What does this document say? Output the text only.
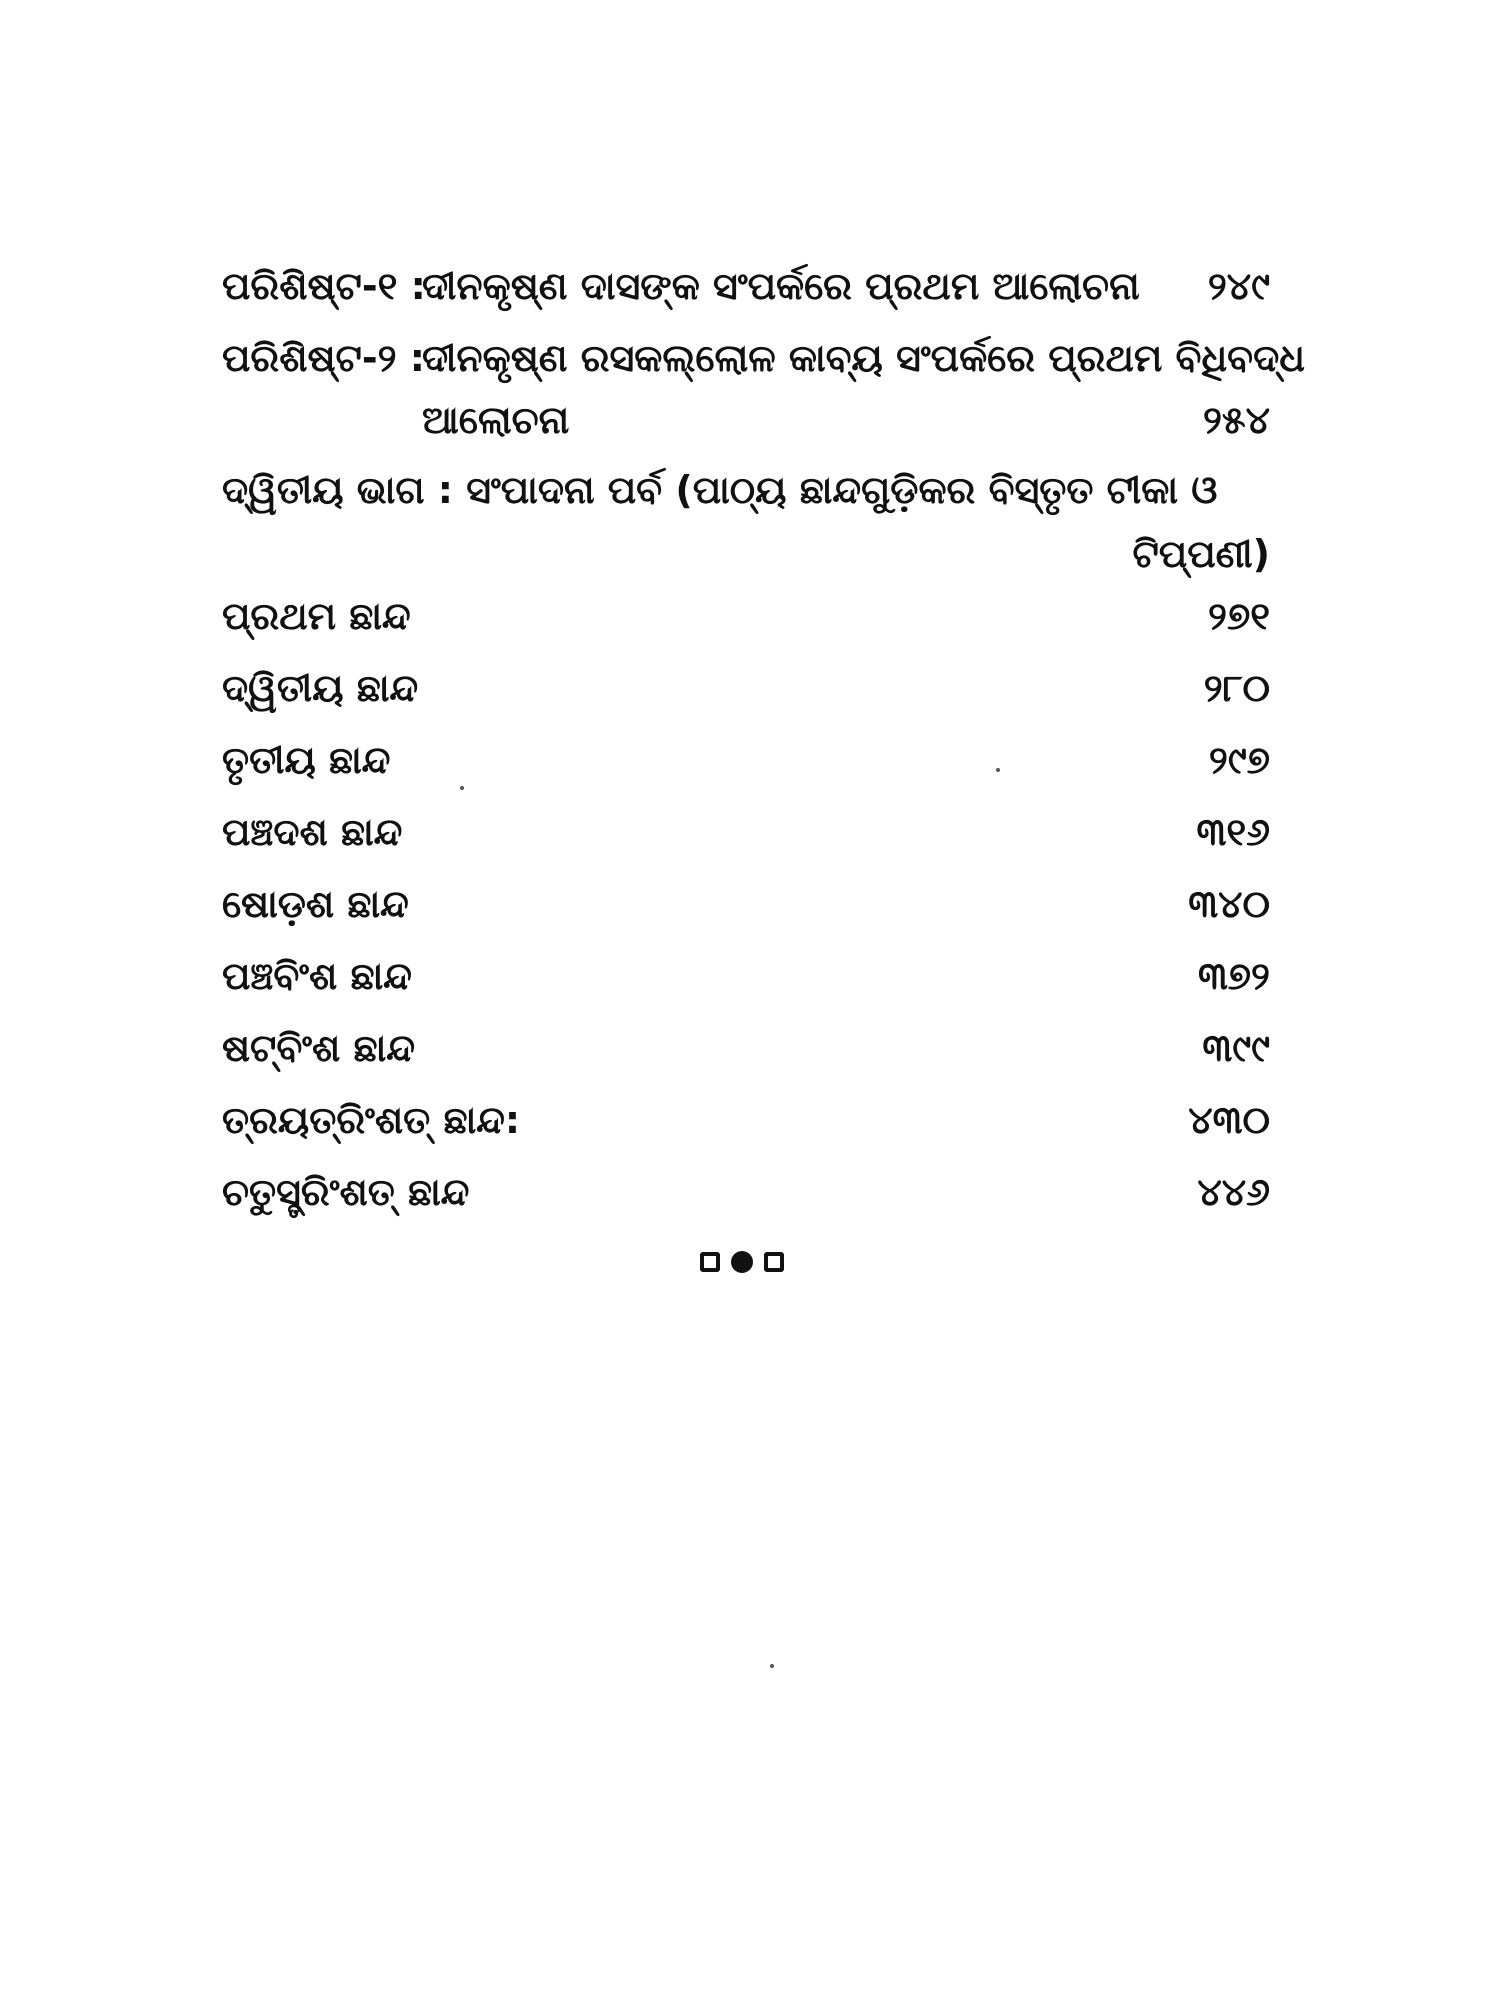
ପରିଶିଷ୍ଟ-୧ :
ଦୀନକୃଷ୍ଣ ଦାସଙ୍କ ସଂପର୍କରେ ପ୍ରଥମ ଆଲୋଚନା ୨୪୯
ପରିଶିଷ୍ଟ-୨ :
ଦୀନକୃଷ୍ଣ ରସକଲ୍ଲୋଳ କାବ୍ୟ ସଂପର୍କରେ ପ୍ରଥମ ବିଧିବଦ୍ଧ
ଆଲୋଚନା	୨୫୪
ଦ୍ୱିତୀୟ ଭାଗ : ସଂପାଦନା ପର୍ବ (ପାଠ୍ୟ ଛାନ୍ଦଗୁଡ଼ିକର ବିସ୍ତୃତ ଟୀକା ଓ
ଟିପ୍‌ପଣୀ)
ପ୍ରଥମ ଛାନ୍ଦ	୨୭୧
ଦ୍ୱିତୀୟ ଛାନ୍ଦ	୨୮୦
ତୃତୀୟ ଛାନ୍ଦ	୨୯୭
ପଞ୍ଚଦଶ ଛାନ୍ଦ	୩୧୬
ଷୋଡ଼ଶ ଛାନ୍ଦ	୩୪୦
ପଞ୍ଚବିଂଶ ଛାନ୍ଦ	୩୭୨
ଷଟ୍‌ବିଂଶ ଛାନ୍ଦ	୩୯୯
ତ୍ରୟତ୍ରିଂଶତ୍ ଛାନ୍ଦ:	୪୩୦
ଚତୁସ୍ତ୍ରିଂଶତ୍ ଛାନ୍ଦ	୪୪୬
